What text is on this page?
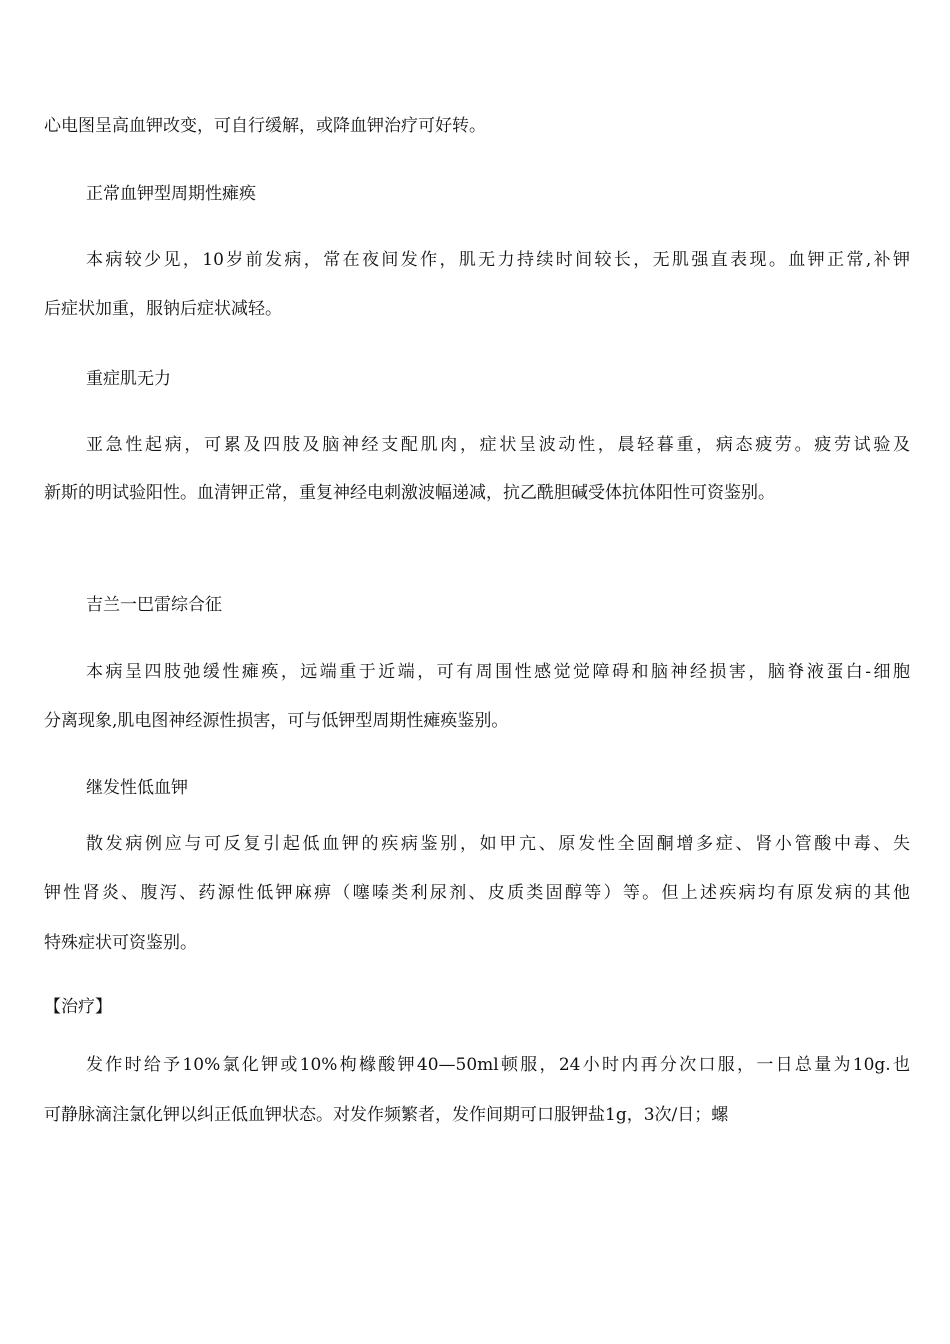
心电图呈高血钾改变，可自行缓解，或降血钾治疗可好转。
正常血钾型周期性瘫痪
本病较少见，10岁前发病，常在夜间发作，肌无力持续时间较长，无肌强直表现。血钾正常,补钾
后症状加重，服钠后症状减轻。
重症肌无力
亚急性起病，可累及四肢及脑神经支配肌肉，症状呈波动性，晨轻暮重，病态疲劳。疲劳试验及
新斯的明试验阳性。血清钾正常，重复神经电刺激波幅递减，抗乙酰胆碱受体抗体阳性可资鉴别。
吉兰一巴雷综合征
本病呈四肢弛缓性瘫痪，远端重于近端，可有周围性感觉觉障碍和脑神经损害，脑脊液蛋白-细胞
分离现象,肌电图神经源性损害，可与低钾型周期性瘫痪鉴别。
继发性低血钾
散发病例应与可反复引起低血钾的疾病鉴别，如甲亢、原发性全固酮增多症、肾小管酸中毒、失
钾性肾炎、腹泻、药源性低钾麻痹（噻嗪类利尿剂、皮质类固醇等）等。但上述疾病均有原发病的其他
特殊症状可资鉴别。
【治疗】
发作时给予10%氯化钾或10%枸橼酸钾40—50ml顿服，24小时内再分次口服，一日总量为10g.也
可静脉滴注氯化钾以纠正低血钾状态。对发作频繁者，发作间期可口服钾盐1g，3次/日；螺
